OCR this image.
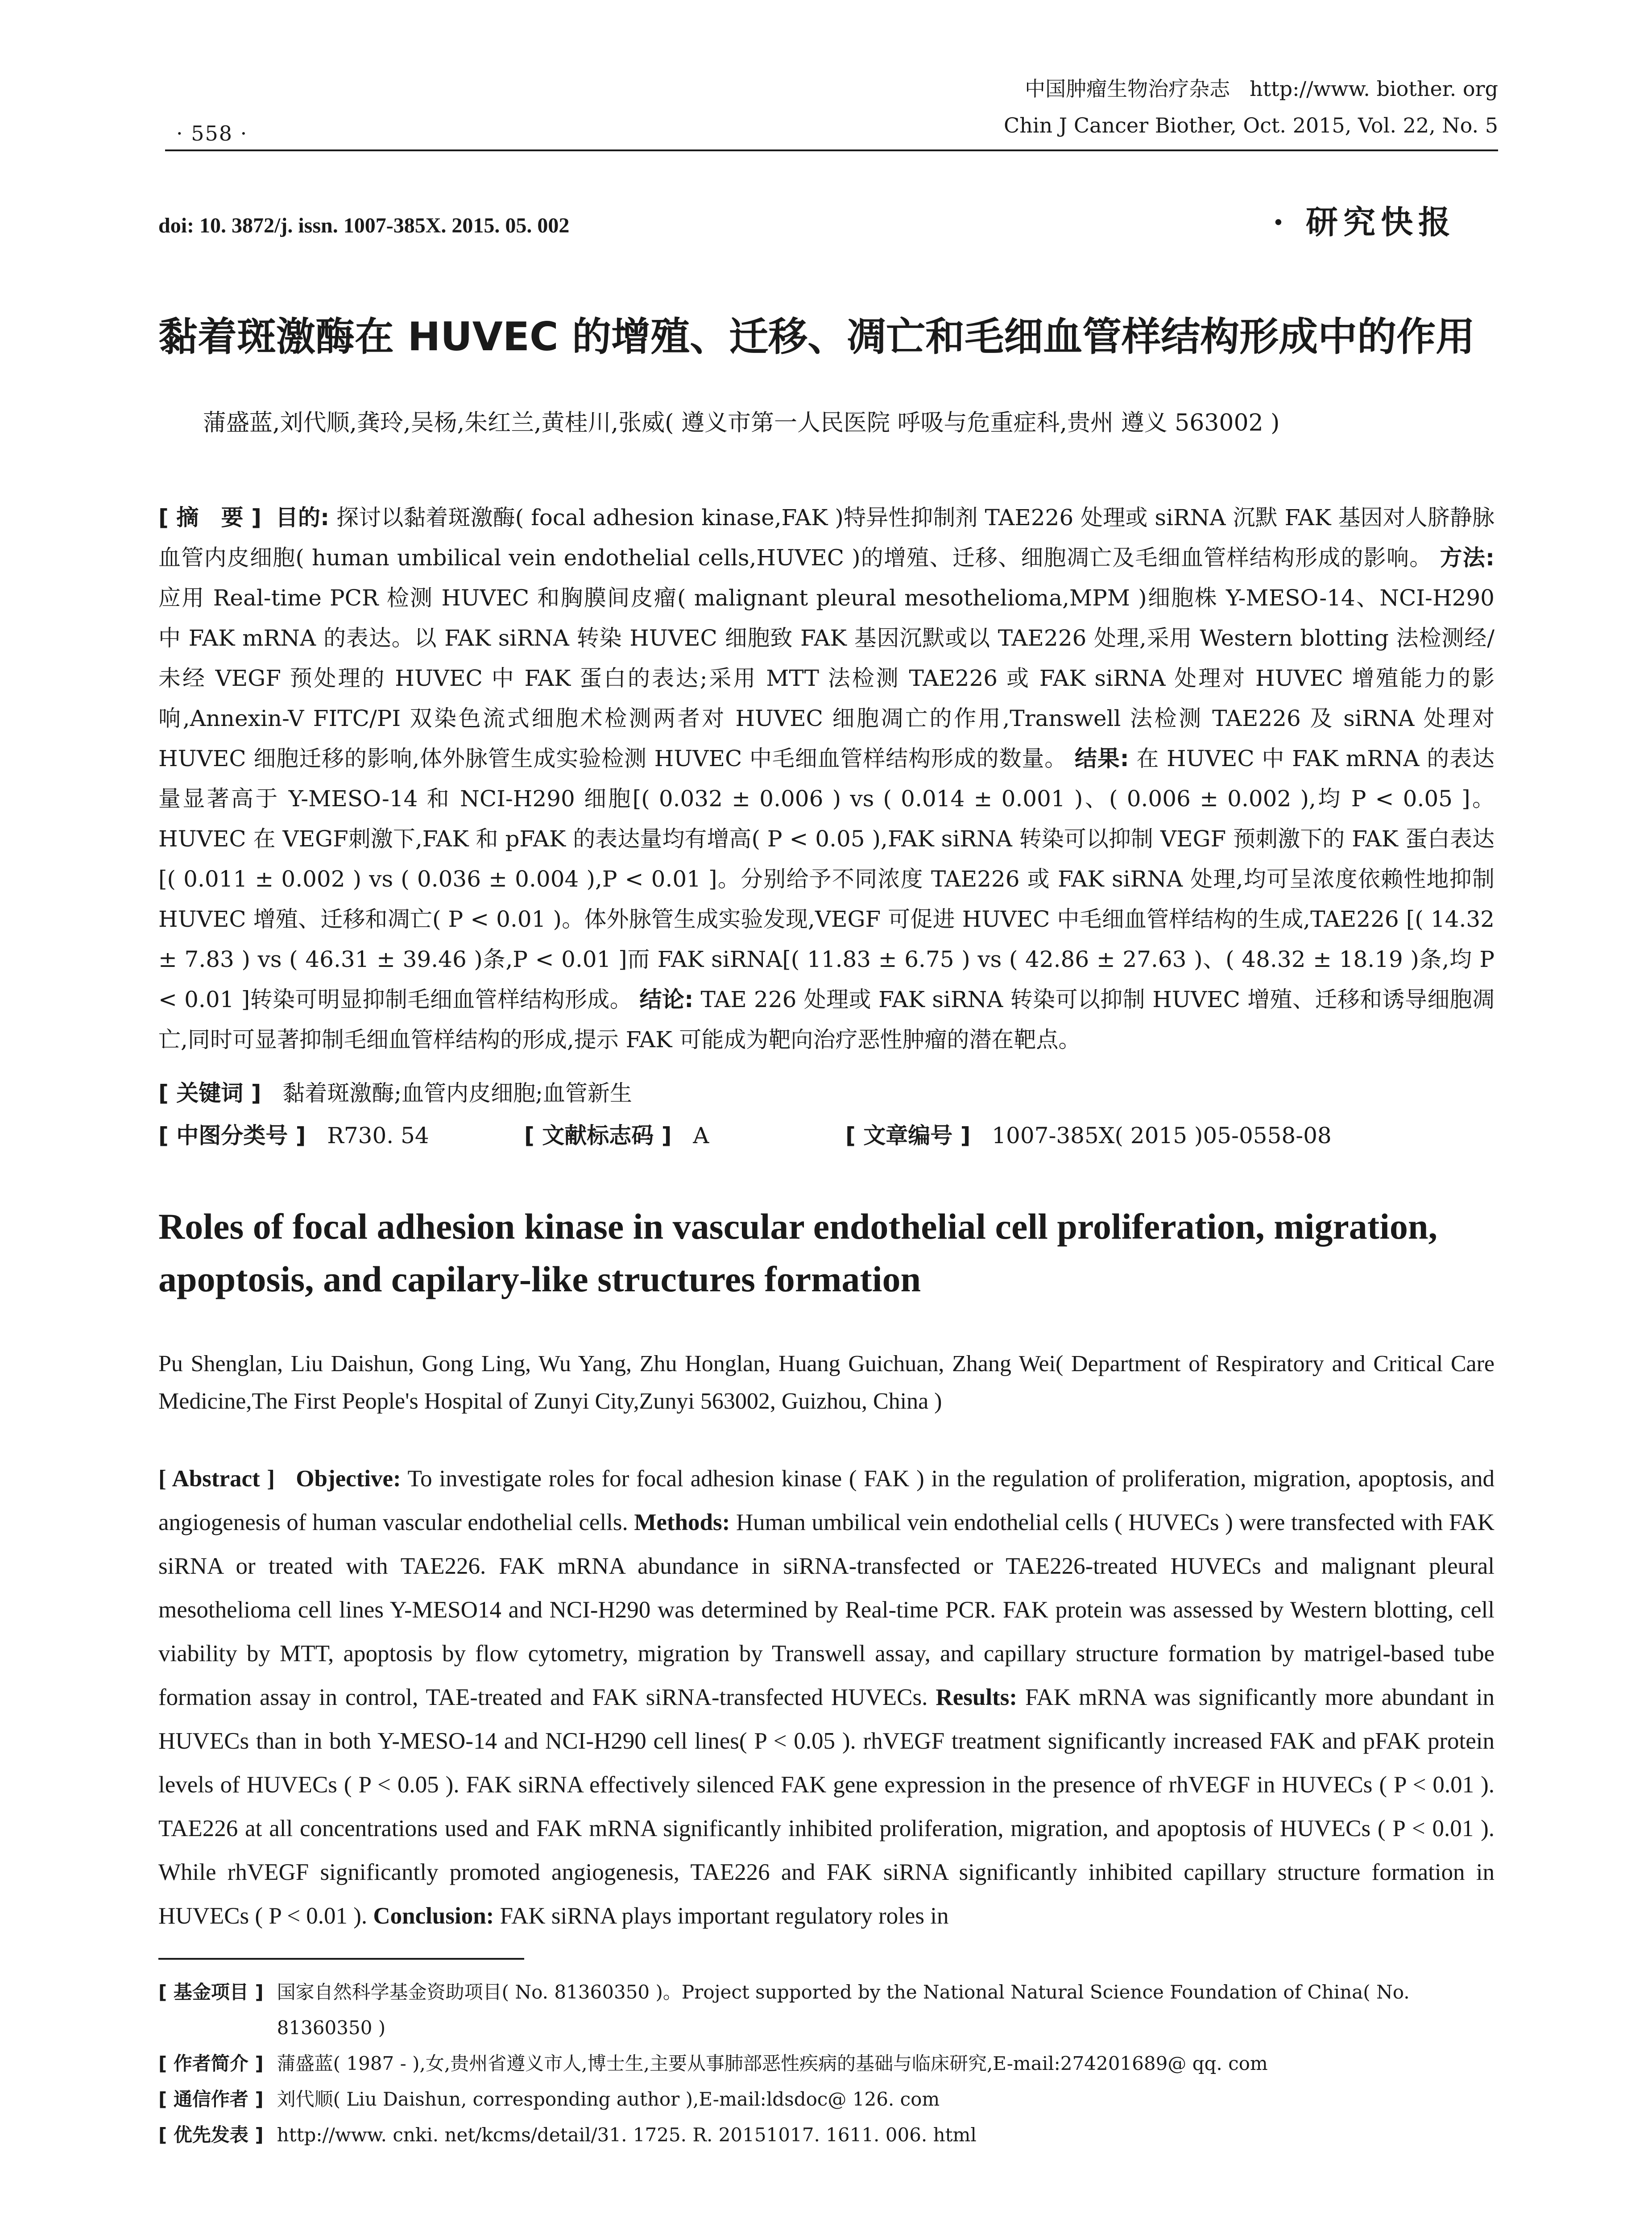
· 558 ·
中国肿瘤生物治疗杂志 http://www. biother. org
Chin J Cancer Biother, Oct. 2015, Vol. 22, No. 5
doi: 10. 3872/j. issn. 1007-385X. 2015. 05. 002	· 研究快报
黏着斑激酶在 HUVEC 的增殖、迁移、凋亡和毛细血管样结构形成中的作用
蒲盛蓝,刘代顺,龚玲,吴杨,朱红兰,黄桂川,张威( 遵义市第一人民医院 呼吸与危重症科,贵州 遵义 563002 )
[ 摘　要 ] 目的: 探讨以黏着斑激酶( focal adhesion kinase,FAK )特异性抑制剂 TAE226 处理或 siRNA 沉默 FAK 基因对人脐静脉血管内皮细胞( human umbilical vein endothelial cells,HUVEC )的增殖、迁移、细胞凋亡及毛细血管样结构形成的影响。 方法: 应用 Real-time PCR 检测 HUVEC 和胸膜间皮瘤( malignant pleural mesothelioma,MPM )细胞株 Y-MESO-14、NCI-H290 中 FAK mRNA 的表达。以 FAK siRNA 转染 HUVEC 细胞致 FAK 基因沉默或以 TAE226 处理,采用 Western blotting 法检测经/未经 VEGF 预处理的 HUVEC 中 FAK 蛋白的表达;采用 MTT 法检测 TAE226 或 FAK siRNA 处理对 HUVEC 增殖能力的影响,Annexin-V FITC/PI 双染色流式细胞术检测两者对 HUVEC 细胞凋亡的作用,Transwell 法检测 TAE226 及 siRNA 处理对 HUVEC 细胞迁移的影响,体外脉管生成实验检测 HUVEC 中毛细血管样结构形成的数量。 结果: 在 HUVEC 中 FAK mRNA 的表达量显著高于 Y-MESO-14 和 NCI-H290 细胞[( 0.032 ± 0.006 ) vs ( 0.014 ± 0.001 )、( 0.006 ± 0.002 ),均 P < 0.05 ]。HUVEC 在 VEGF刺激下,FAK 和 pFAK 的表达量均有增高( P < 0.05 ),FAK siRNA 转染可以抑制 VEGF 预刺激下的 FAK 蛋白表达[( 0.011 ± 0.002 ) vs ( 0.036 ± 0.004 ),P < 0.01 ]。分别给予不同浓度 TAE226 或 FAK siRNA 处理,均可呈浓度依赖性地抑制 HUVEC 增殖、迁移和凋亡( P < 0.01 )。体外脉管生成实验发现,VEGF 可促进 HUVEC 中毛细血管样结构的生成,TAE226 [( 14.32 ± 7.83 ) vs ( 46.31 ± 39.46 )条,P < 0.01 ]而 FAK siRNA[( 11.83 ± 6.75 ) vs ( 42.86 ± 27.63 )、( 48.32 ± 18.19 )条,均 P < 0.01 ]转染可明显抑制毛细血管样结构形成。 结论: TAE 226 处理或 FAK siRNA 转染可以抑制 HUVEC 增殖、迁移和诱导细胞凋亡,同时可显著抑制毛细血管样结构的形成,提示 FAK 可能成为靶向治疗恶性肿瘤的潜在靶点。
[ 关键词 ] 黏着斑激酶;血管内皮细胞;血管新生
[ 中图分类号 ] R730. 54	[ 文献标志码 ] A	[ 文章编号 ] 1007-385X( 2015 )05-0558-08
Roles of focal adhesion kinase in vascular endothelial cell proliferation, migration, apoptosis, and capilary-like structures formation
Pu Shenglan, Liu Daishun, Gong Ling, Wu Yang, Zhu Honglan, Huang Guichuan, Zhang Wei( Department of Respiratory and Critical Care Medicine,The First People's Hospital of Zunyi City,Zunyi 563002, Guizhou, China )
[ Abstract ] Objective: To investigate roles for focal adhesion kinase ( FAK ) in the regulation of proliferation, migration, apoptosis, and angiogenesis of human vascular endothelial cells. Methods: Human umbilical vein endothelial cells ( HUVECs ) were transfected with FAK siRNA or treated with TAE226. FAK mRNA abundance in siRNA-transfected or TAE226-treated HUVECs and malignant pleural mesothelioma cell lines Y-MESO14 and NCI-H290 was determined by Real-time PCR. FAK protein was assessed by Western blotting, cell viability by MTT, apoptosis by flow cytometry, migration by Transwell assay, and capillary structure formation by matrigel-based tube formation assay in control, TAE-treated and FAK siRNA-transfected HUVECs. Results: FAK mRNA was significantly more abundant in HUVECs than in both Y-MESO-14 and NCI-H290 cell lines( P < 0.05 ). rhVEGF treatment significantly increased FAK and pFAK protein levels of HUVECs ( P < 0.05 ). FAK siRNA effectively silenced FAK gene expression in the presence of rhVEGF in HUVECs ( P < 0.01 ). TAE226 at all concentrations used and FAK mRNA significantly inhibited proliferation, migration, and apoptosis of HUVECs ( P < 0.01 ). While rhVEGF significantly promoted angiogenesis, TAE226 and FAK siRNA significantly inhibited capillary structure formation in HUVECs ( P < 0.01 ). Conclusion: FAK siRNA plays important regulatory roles in
[ 基金项目 ] 国家自然科学基金资助项目( No. 81360350 )。Project supported by the National Natural Science Foundation of China( No. 81360350 )
[ 作者简介 ] 蒲盛蓝( 1987 - ),女,贵州省遵义市人,博士生,主要从事肺部恶性疾病的基础与临床研究,E-mail:274201689@ qq. com
[ 通信作者 ] 刘代顺( Liu Daishun, corresponding author ),E-mail:ldsdoc@ 126. com
[ 优先发表 ] http://www. cnki. net/kcms/detail/31. 1725. R. 20151017. 1611. 006. html
